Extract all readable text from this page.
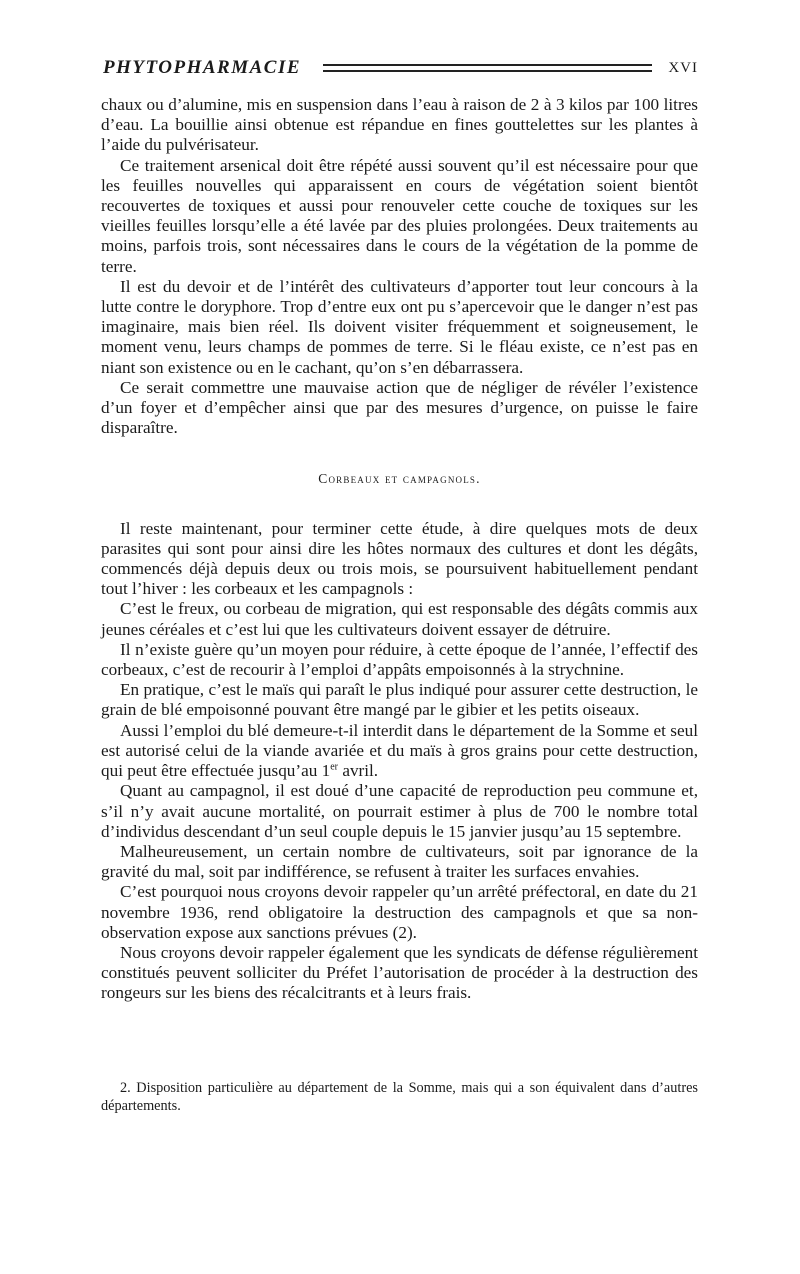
PHYTOPHARMACIE	XVI

chaux ou d’alumine, mis en suspension dans l’eau à raison de 2 à 3 kilos par 100 litres d’eau. La bouillie ainsi obtenue est répandue en fines gouttelettes sur les plantes à l’aide du pulvérisateur.

Ce traitement arsenical doit être répété aussi souvent qu’il est nécessaire pour que les feuilles nouvelles qui apparaissent en cours de végétation soient bientôt recouvertes de toxiques et aussi pour renouveler cette couche de toxiques sur les vieilles feuilles lorsqu’elle a été lavée par des pluies prolongées. Deux traitements au moins, parfois trois, sont nécessaires dans le cours de la végétation de la pomme de terre.

Il est du devoir et de l’intérêt des cultivateurs d’apporter tout leur concours à la lutte contre le doryphore. Trop d’entre eux ont pu s’apercevoir que le danger n’est pas imaginaire, mais bien réel. Ils doivent visiter fréquemment et soigneusement, le moment venu, leurs champs de pommes de terre. Si le fléau existe, ce n’est pas en niant son existence ou en le cachant, qu’on s’en débarrassera.

Ce serait commettre une mauvaise action que de négliger de révéler l’existence d’un foyer et d’empêcher ainsi que par des mesures d’urgence, on puisse le faire disparaître.

Corbeaux et campagnols.

Il reste maintenant, pour terminer cette étude, à dire quelques mots de deux parasites qui sont pour ainsi dire les hôtes normaux des cultures et dont les dégâts, commencés déjà depuis deux ou trois mois, se poursuivent habituellement pendant tout l’hiver : les corbeaux et les campagnols :

C’est le freux, ou corbeau de migration, qui est responsable des dégâts commis aux jeunes céréales et c’est lui que les cultivateurs doivent essayer de détruire.

Il n’existe guère qu’un moyen pour réduire, à cette époque de l’année, l’effectif des corbeaux, c’est de recourir à l’emploi d’appâts empoisonnés à la strychnine.

En pratique, c’est le maïs qui paraît le plus indiqué pour assurer cette destruction, le grain de blé empoisonné pouvant être mangé par le gibier et les petits oiseaux.

Aussi l’emploi du blé demeure-t-il interdit dans le département de la Somme et seul est autorisé celui de la viande avariée et du maïs à gros grains pour cette destruction, qui peut être effectuée jusqu’au 1er avril.

Quant au campagnol, il est doué d’une capacité de reproduction peu commune et, s’il n’y avait aucune mortalité, on pourrait estimer à plus de 700 le nombre total d’individus descendant d’un seul couple depuis le 15 janvier jusqu’au 15 septembre.

Malheureusement, un certain nombre de cultivateurs, soit par ignorance de la gravité du mal, soit par indifférence, se refusent à traiter les surfaces envahies.

C’est pourquoi nous croyons devoir rappeler qu’un arrêté préfectoral, en date du 21 novembre 1936, rend obligatoire la destruction des campagnols et que sa non-observation expose aux sanctions prévues (2).

Nous croyons devoir rappeler également que les syndicats de défense régulièrement constitués peuvent solliciter du Préfet l’autorisation de procéder à la destruction des rongeurs sur les biens des récalcitrants et à leurs frais.

2. Disposition particulière au département de la Somme, mais qui a son équivalent dans d’autres départements.
